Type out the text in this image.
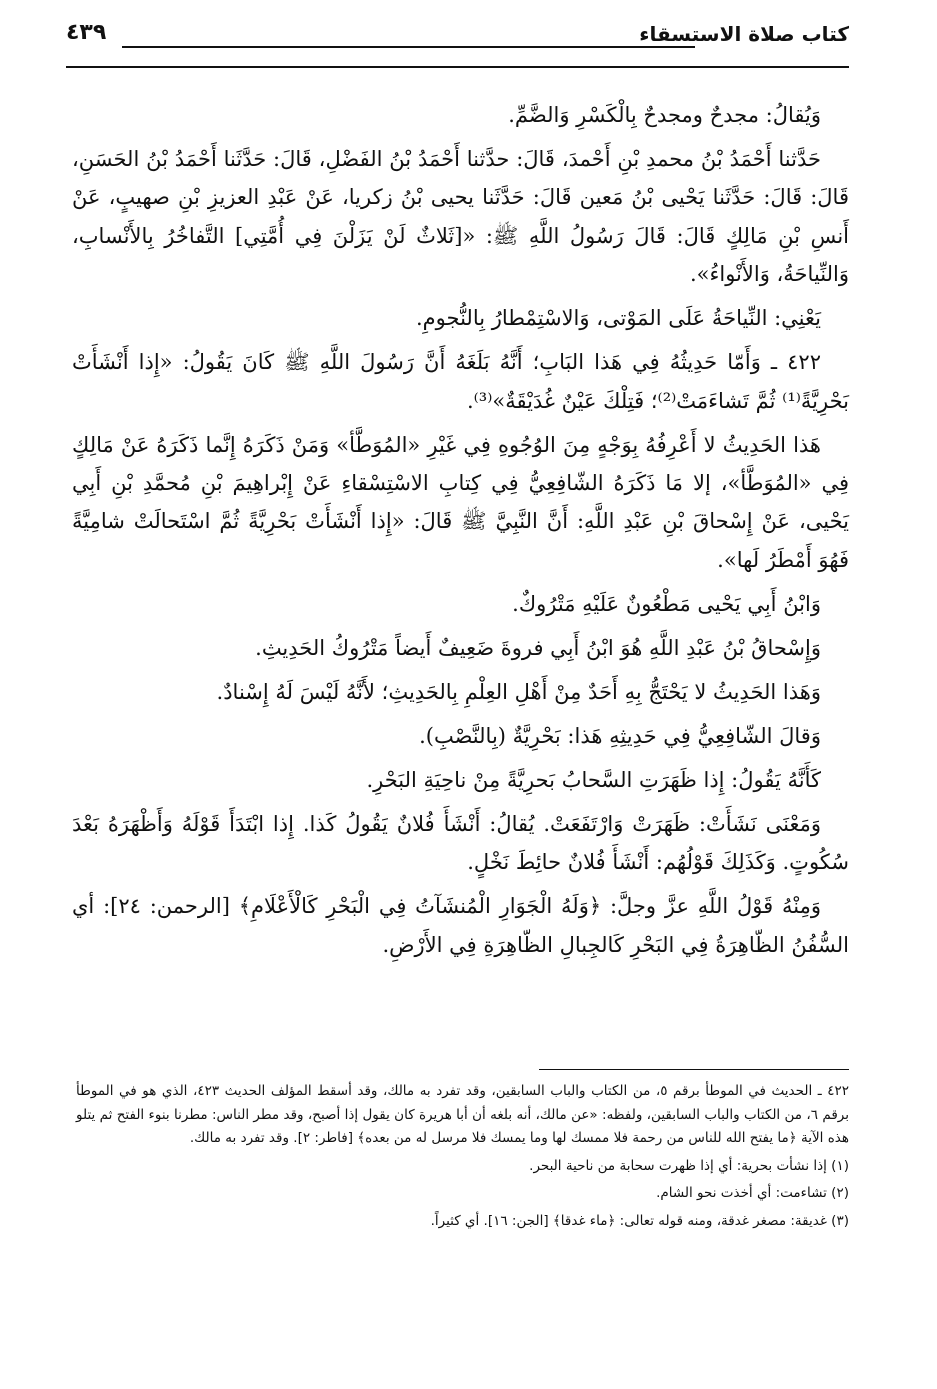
كتاب صلاة الاستسقاء
٤٣٩

وَيُقالُ: مجدحٌ ومجدحٌ بِالْكَسْرِ وَالضَّمِّ.

حَدَّثنا أَحْمَدُ بْنُ محمدِ بْنِ أَحْمدَ، قَالَ: حدَّثنا أَحْمَدُ بْنُ الفَضْلِ، قَالَ: حَدَّثَنا أَحْمَدُ بْنُ الحَسَنِ، قَالَ: قَالَ: حَدَّثَنا يَحْيى بْنُ مَعين قَالَ: حَدَّثَنا يحيى بْنُ زكريا، عَنْ عَبْدِ العزيزِ بْنِ صهيبٍ، عَنْ أَنسِ بْنِ مَالِكٍ قَالَ: قَالَ رَسُولُ اللَّهِ ﷺ: «[ثَلاثٌ لَنْ يَزَلْنَ فِي أُمَّتِي] التَّفاخُرُ بِالأَنْسابِ، وَالنِّياحَةُ، وَالأَنْواءُ».

يَعْنِي: النِّياحَةُ عَلَى المَوْتى، وَالاسْتِمْطارُ بِالنُّجومِ.

٤٢٢ ـ وَأَمّا حَدِيثُهُ فِي هَذا البَابِ؛ أَنَّهُ بَلَغَهُ أَنَّ رَسُولَ اللَّهِ ﷺ كَانَ يَقُولُ: «إِذا أَنْشَأَتْ بَحْرِيَّةً⁽¹⁾ ثُمَّ تَشاءَمَتْ⁽²⁾؛ فَتِلْكَ عَيْنٌ غُدَيْقَةٌ»⁽³⁾.

هَذا الحَدِيثُ لا أَعْرِفُهُ بِوَجْهٍ مِنَ الوُجُوهِ فِي غَيْرِ «المُوَطَّأ» وَمَنْ ذَكَرَهُ إِنَّما ذَكَرَهُ عَنْ مَالِكٍ فِي «المُوَطَّأ»، إلا مَا ذَكَرَهُ الشّافِعِيُّ فِي كِتابِ الاسْتِسْقاءِ عَنْ إِبْراهِيمَ بْنِ مُحمَّدِ بْنِ أَبِي يَحْيى، عَنْ إِسْحاقَ بْنِ عَبْدِ اللَّهِ: أَنَّ النَّبِيَّ ﷺ قَالَ: «إِذا أَنْشَأَتْ بَحْرِيَّةً ثُمَّ اسْتَحالَتْ شامِيَّةً فَهُوَ أَمْطَرُ لَها».

وَابْنُ أَبِي يَحْيى مَطْعُونٌ عَلَيْهِ مَتْرُوكٌ.

وَإِسْحاقُ بْنُ عَبْدِ اللَّهِ هُوَ ابْنُ أَبِي فروةَ ضَعِيفٌ أَيضاً مَتْرُوكُ الحَدِيثِ.

وَهَذا الحَدِيثُ لا يَحْتَجُّ بِهِ أَحَدٌ مِنْ أَهْلِ العِلْمِ بِالحَدِيثِ؛ لأَنَّهُ لَيْسَ لَهُ إِسْنادٌ.

وَقالَ الشّافِعِيُّ فِي حَدِيثِهِ هَذا: بَحْرِيَّةٌ (بِالنَّصْبِ).

كَأَنَّهُ يَقُولُ: إِذا ظَهَرَتِ السَّحابُ بَحرِيَّةً مِنْ ناحِيَةِ البَحْرِ.

وَمَعْنَى نَشَأَتْ: ظَهَرَتْ وَارْتَفَعَتْ. يُقالُ: أَنْشَأَ فُلانٌ يَقُولُ كَذا. إِذا ابْتَدَأَ قَوْلَهُ وَأَظْهَرَهُ بَعْدَ سُكُوتٍ. وَكَذَلِكَ قَوْلُهُم: أَنْشَأَ فُلانٌ حائِطَ نَخْلٍ.

وَمِنْهُ قَوْلُ اللَّهِ عزَّ وجلَّ: ﴿وَلَهُ الْجَوَارِ الْمُنشَآتُ فِي الْبَحْرِ كَالْأَعْلَامِ﴾ [الرحمن: ٢٤]: أي السُّفُنُ الظّاهِرَةُ فِي البَحْرِ كَالجِبالِ الظّاهِرَةِ فِي الأَرْضِ.

٤٢٢ ـ الحديث في الموطأ برقم ٥، من الكتاب والباب السابقين، وقد تفرد به مالك، وقد أسقط المؤلف الحديث ٤٢٣، الذي هو في الموطأ برقم ٦، من الكتاب والباب السابقين، ولفظه: «عن مالك، أنه بلغه أن أبا هريرة كان يقول إذا أصبح، وقد مطر الناس: مطرنا بنوء الفتح ثم يتلو هذه الآية ﴿ما يفتح الله للناس من رحمة فلا ممسك لها وما يمسك فلا مرسل له من بعده﴾ [فاطر: ٢]. وقد تفرد به مالك.

(١) إذا نشأت بحرية: أي إذا ظهرت سحابة من ناحية البحر.

(٢) تشاءمت: أي أخذت نحو الشام.

(٣) غديقة: مصغر غدقة، ومنه قوله تعالى: ﴿ماء غدقا﴾ [الجن: ١٦]. أي كثيراً.
